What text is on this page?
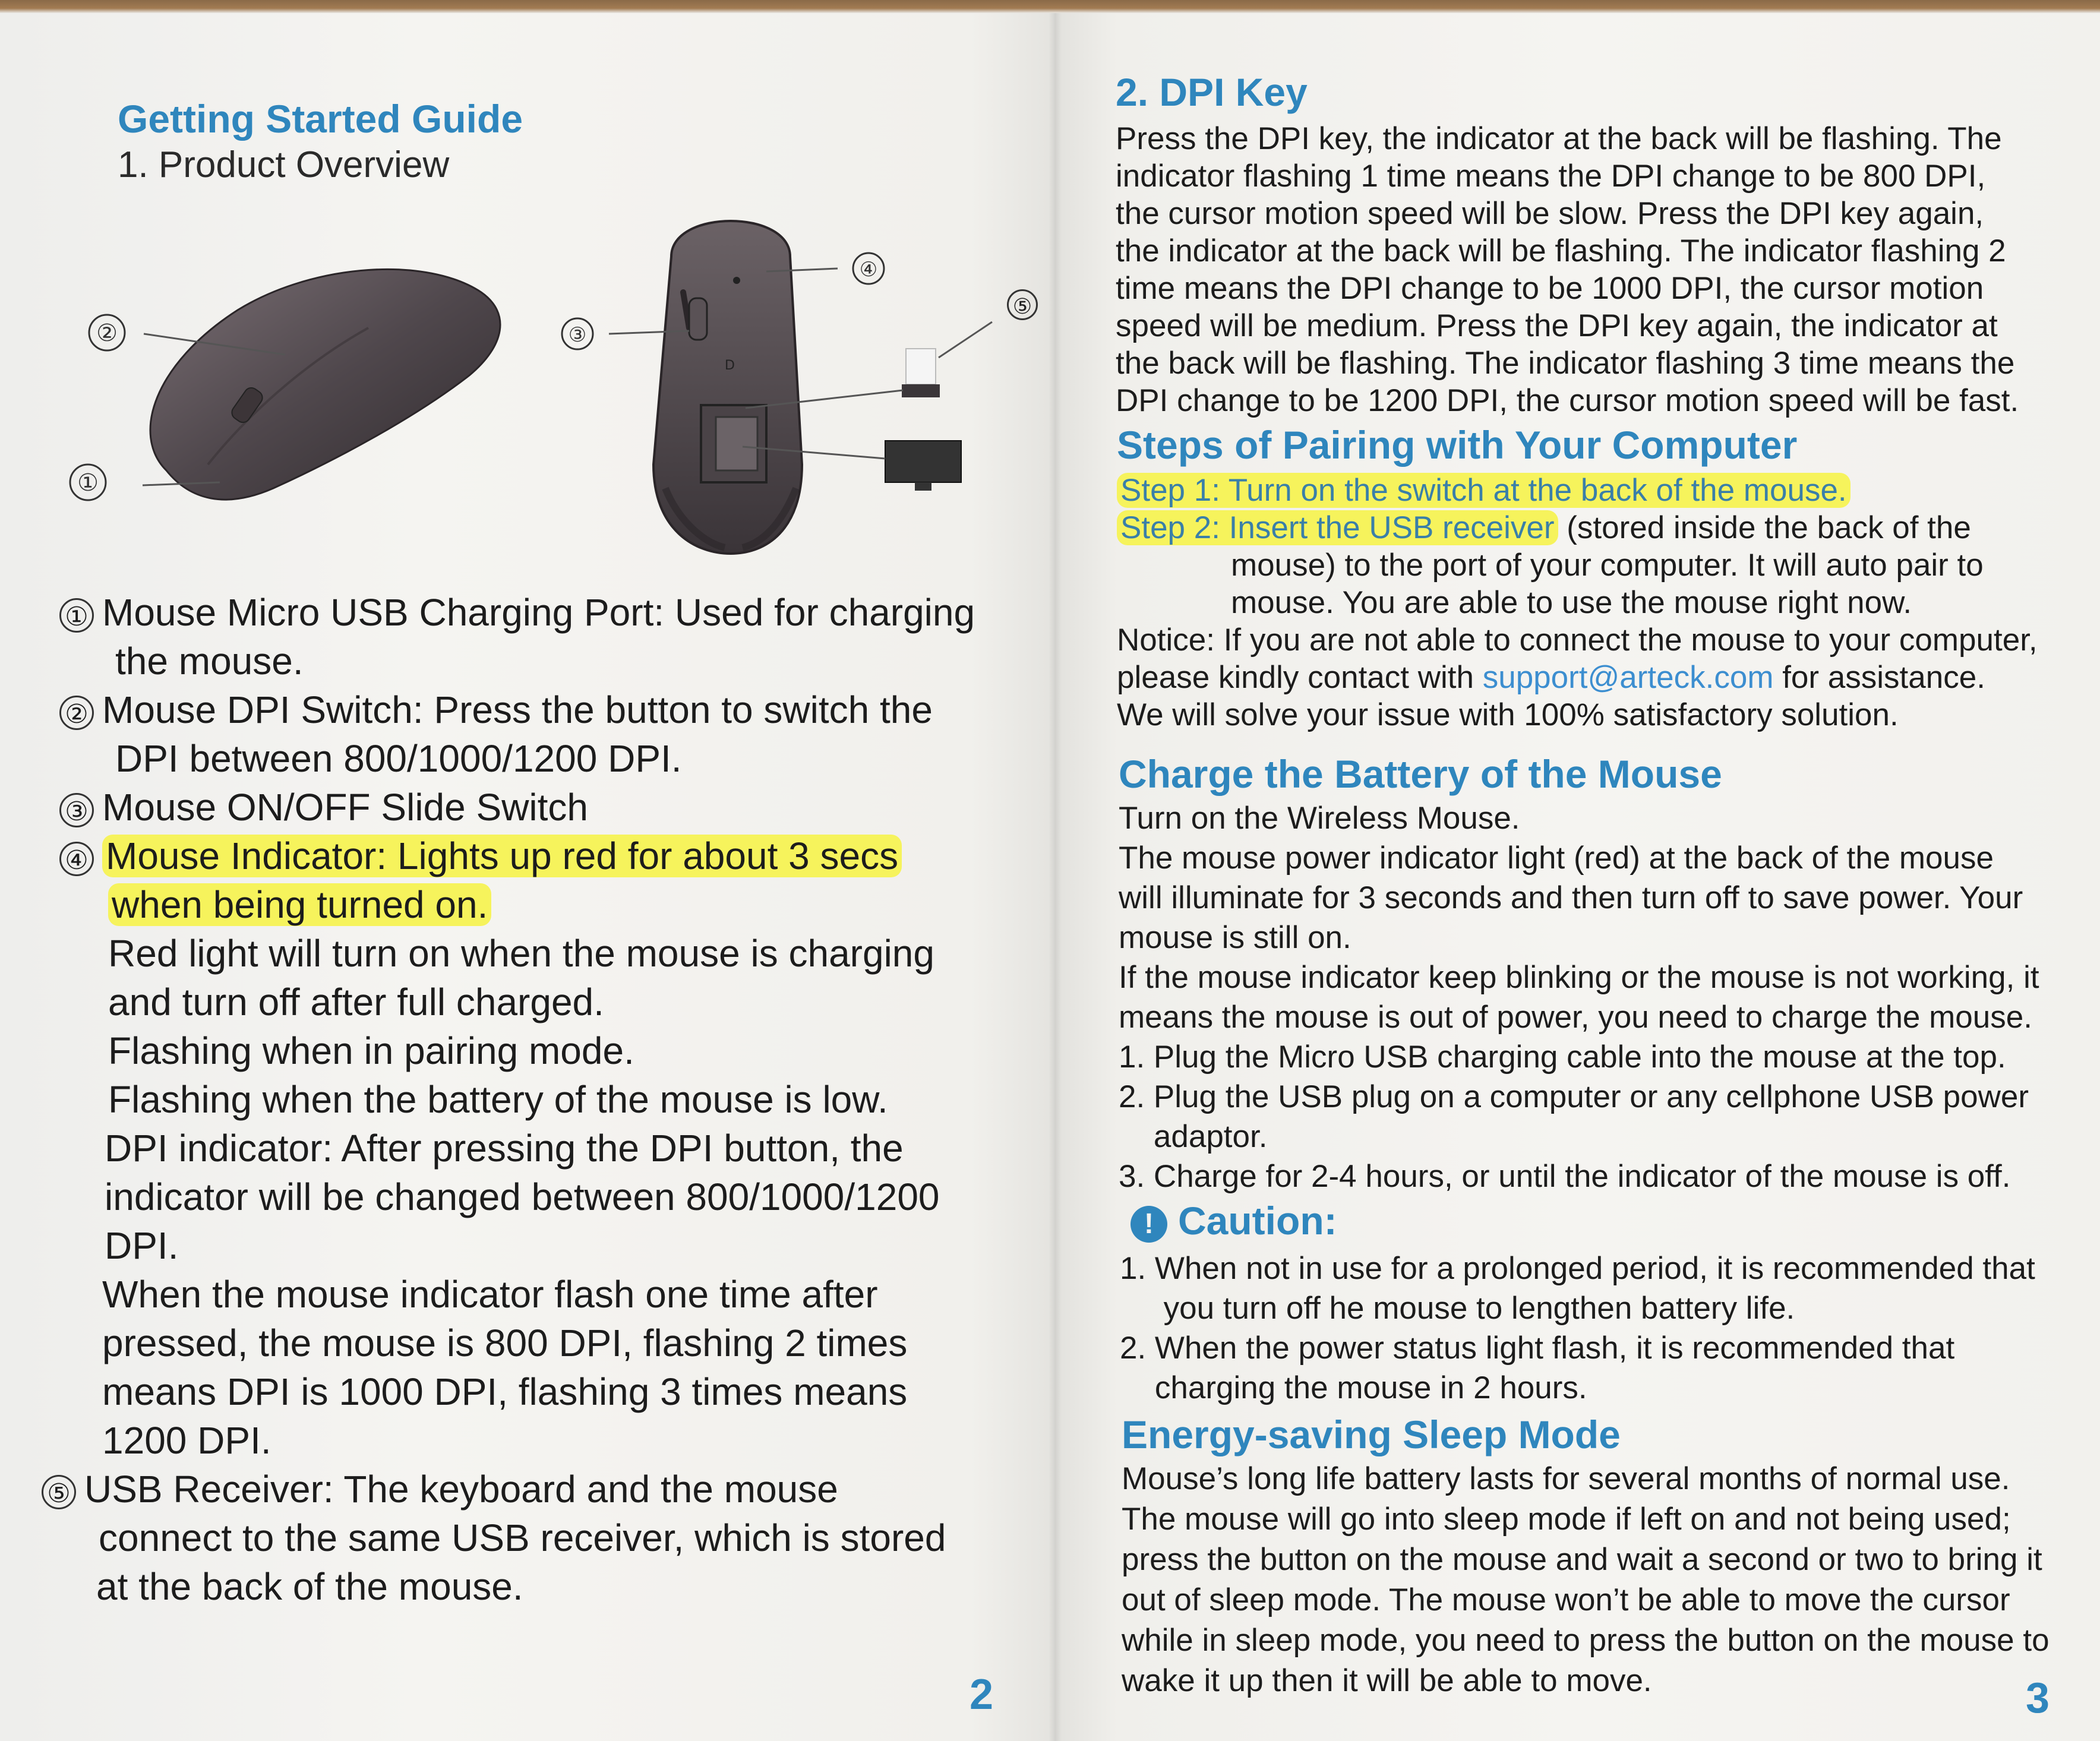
Getting Started Guide
1. Product Overview
D
②
①
③
④
⑤
① Mouse Micro USB Charging Port: Used for charging
the mouse.
② Mouse DPI Switch: Press the button to switch the
DPI between 800/1000/1200 DPI.
③ Mouse ON/OFF Slide Switch
④ Mouse Indicator: Lights up red for about 3 secs
when being turned on.
Red light will turn on when the mouse is charging
and turn off after full charged.
Flashing when in pairing mode.
Flashing when the battery of the mouse is low.
DPI indicator: After pressing the DPI button, the
indicator will be changed between 800/1000/1200
DPI.
When the mouse indicator flash one time after
pressed, the mouse is 800 DPI, flashing 2 times
means DPI is 1000 DPI, flashing 3 times means
1200 DPI.
⑤ USB Receiver: The keyboard and the mouse
connect to the same USB receiver, which is stored
at the back of the mouse.
2
2. DPI Key
Press the DPI key, the indicator at the back will be flashing. The
indicator flashing 1 time means the DPI change to be 800 DPI,
the cursor motion speed will be slow. Press the DPI key again,
the indicator at the back will be flashing. The indicator flashing 2
time means the DPI change to be 1000 DPI, the cursor motion
speed will be medium. Press the DPI key again, the indicator at
the back will be flashing. The indicator flashing 3 time means the
DPI change to be 1200 DPI, the cursor motion speed will be fast.
Steps of Pairing with Your Computer
Step 1: Turn on the switch at the back of the mouse.
Step 2: Insert the USB receiver (stored inside the back of the
mouse) to the port of your computer. It will auto pair to
mouse. You are able to use the mouse right now.
Notice: If you are not able to connect the mouse to your computer,
please kindly contact with support@arteck.com for assistance.
We will solve your issue with 100% satisfactory solution.
Charge the Battery of the Mouse
Turn on the Wireless Mouse.
The mouse power indicator light (red) at the back of the mouse
will illuminate for 3 seconds and then turn off to save power. Your
mouse is still on.
If the mouse indicator keep blinking or the mouse is not working, it
means the mouse is out of power, you need to charge the mouse.
1. Plug the Micro USB charging cable into the mouse at the top.
2. Plug the USB plug on a computer or any cellphone USB power
adaptor.
3. Charge for 2-4 hours, or until the indicator of the mouse is off.
! Caution:
1. When not in use for a prolonged period, it is recommended that
you turn off he mouse to lengthen battery life.
2. When the power status light flash, it is recommended that
charging the mouse in 2 hours.
Energy-saving Sleep Mode
Mouse’s long life battery lasts for several months of normal use.
The mouse will go into sleep mode if left on and not being used;
press the button on the mouse and wait a second or two to bring it
out of sleep mode. The mouse won’t be able to move the cursor
while in sleep mode, you need to press the button on the mouse to
wake it up then it will be able to move.	3
